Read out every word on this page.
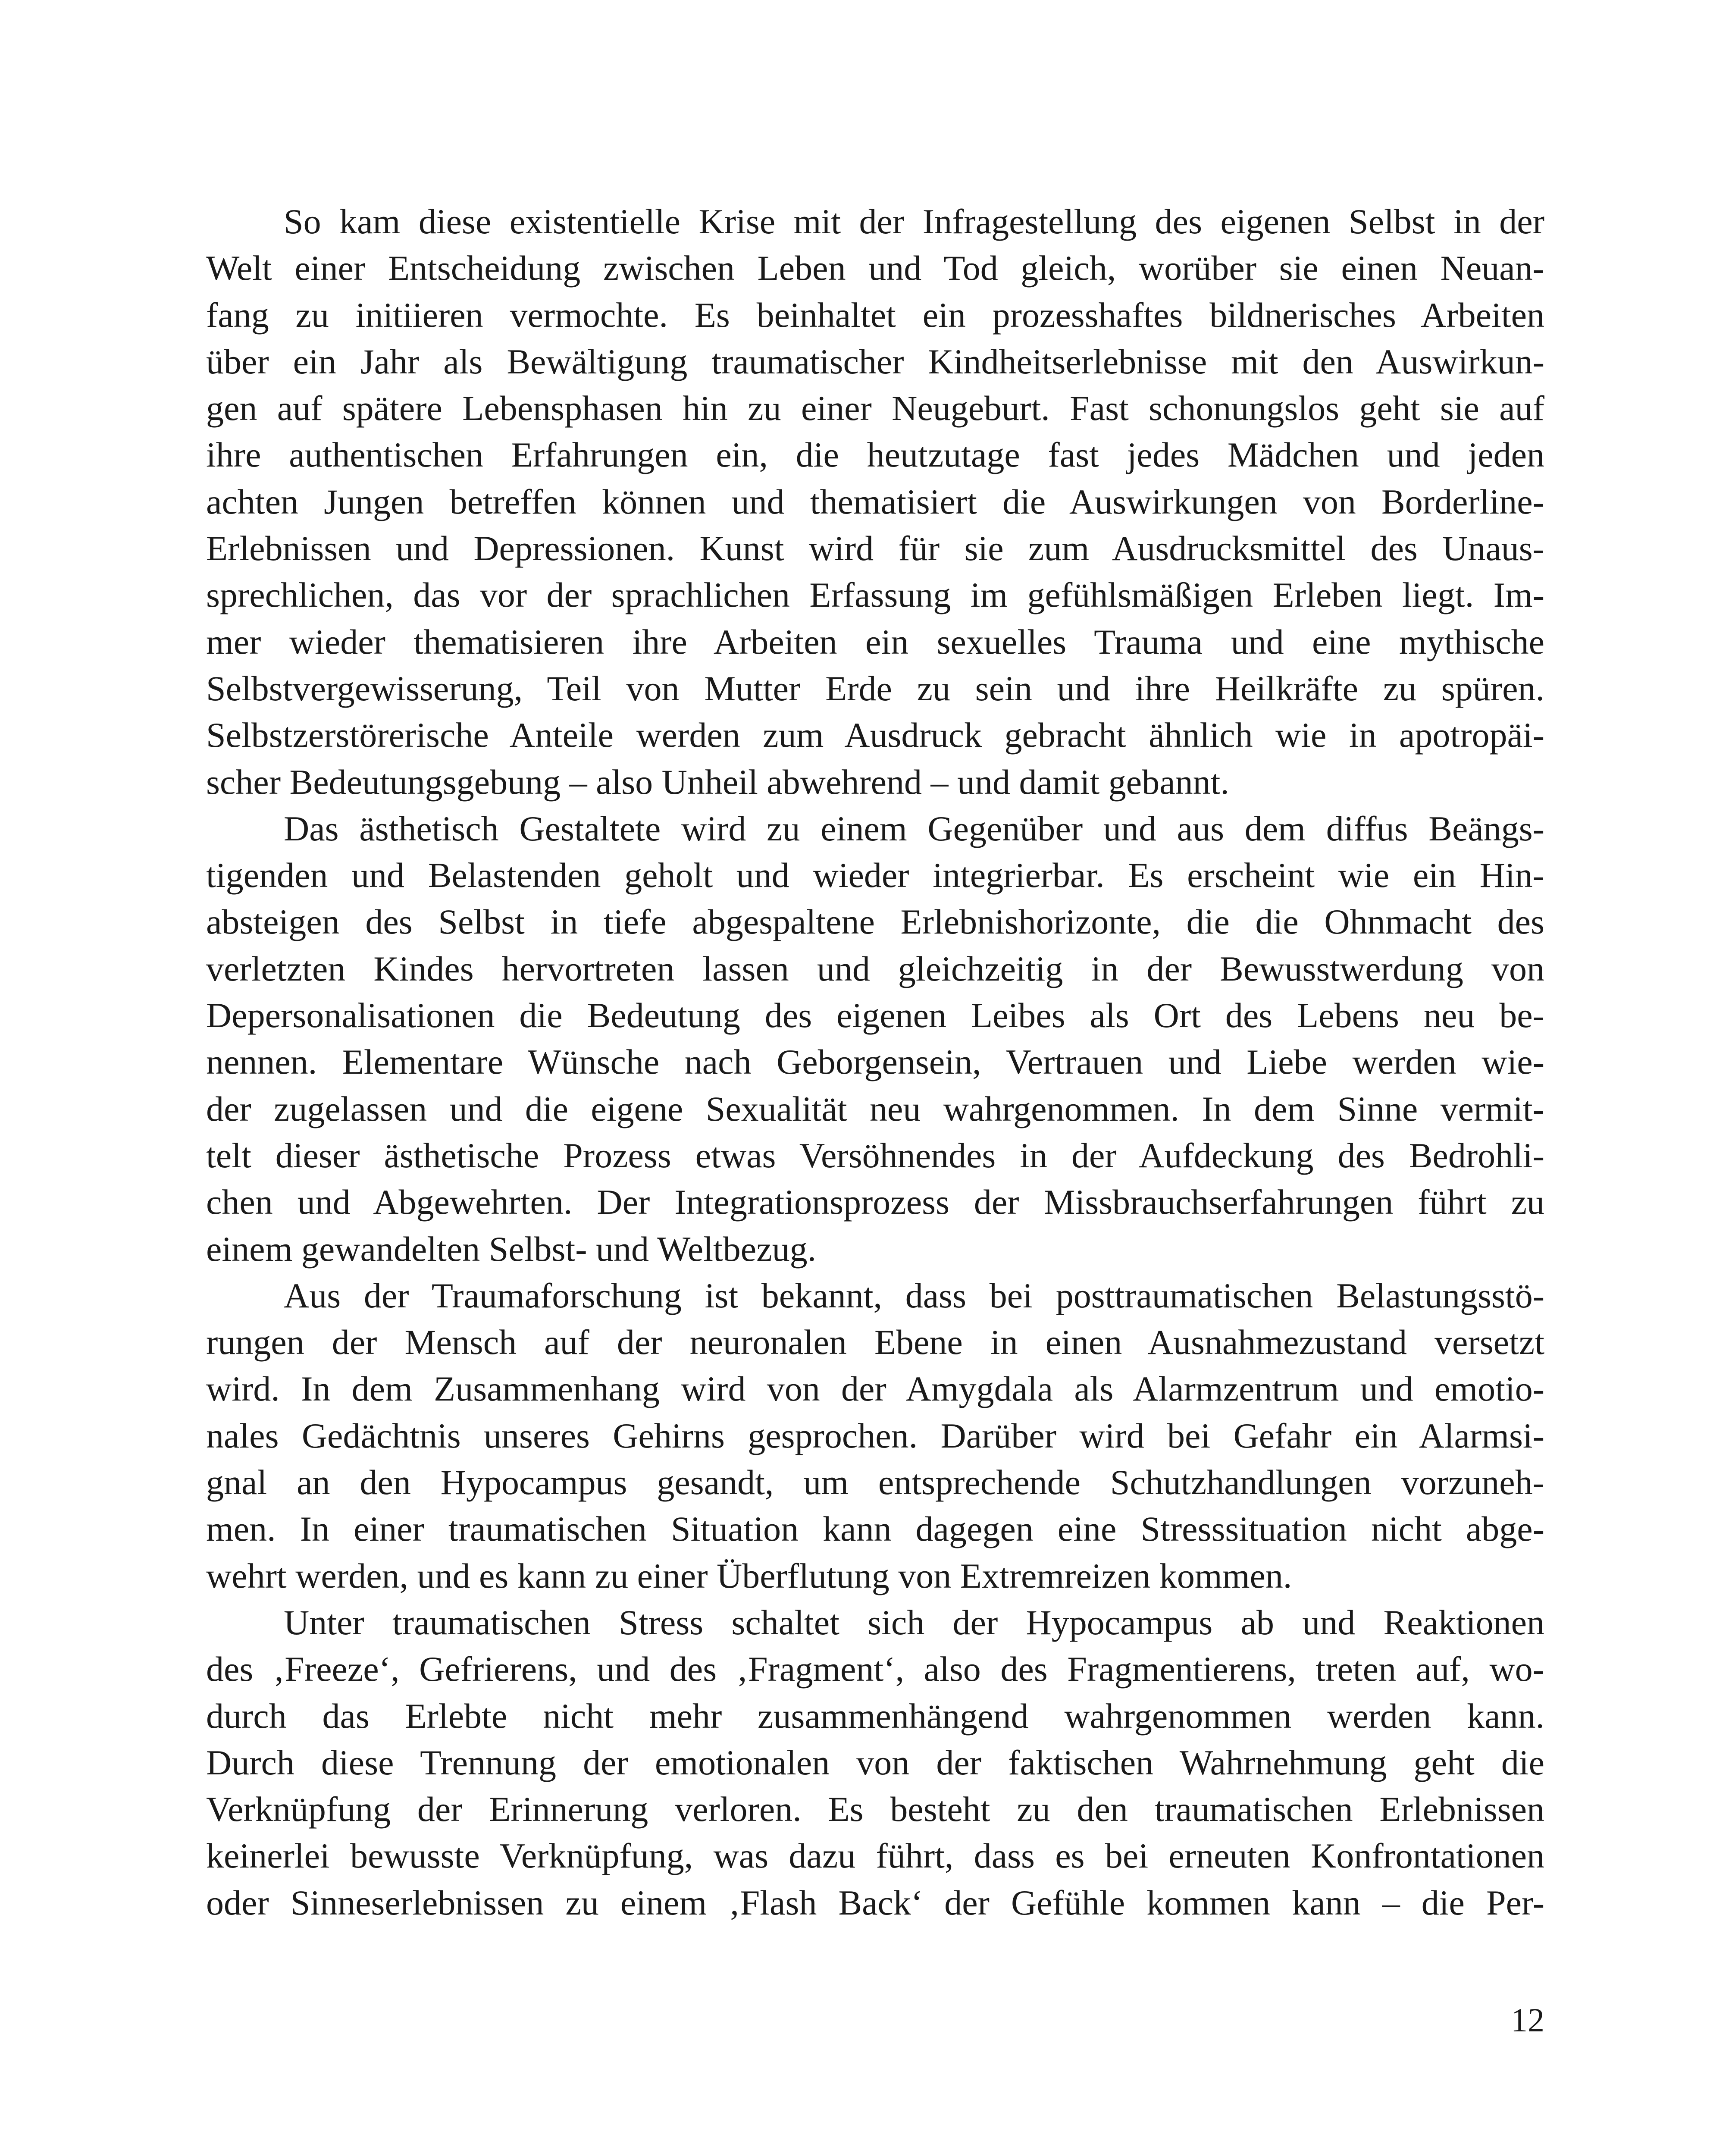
So kam diese existentielle Krise mit der Infragestellung des eigenen Selbst in der
Welt einer Entscheidung zwischen Leben und Tod gleich, worüber sie einen Neuan-
fang zu initiieren vermochte. Es beinhaltet ein prozesshaftes bildnerisches Arbeiten
über ein Jahr als Bewältigung traumatischer Kindheitserlebnisse mit den Auswirkun-
gen auf spätere Lebensphasen hin zu einer Neugeburt. Fast schonungslos geht sie auf
ihre authentischen Erfahrungen ein, die heutzutage fast jedes Mädchen und jeden
achten Jungen betreffen können und thematisiert die Auswirkungen von Borderline-
Erlebnissen und Depressionen. Kunst wird für sie zum Ausdrucksmittel des Unaus-
sprechlichen, das vor der sprachlichen Erfassung im gefühlsmäßigen Erleben liegt. Im-
mer wieder thematisieren ihre Arbeiten ein sexuelles Trauma und eine mythische
Selbstvergewisserung, Teil von Mutter Erde zu sein und ihre Heilkräfte zu spüren.
Selbstzerstörerische Anteile werden zum Ausdruck gebracht ähnlich wie in apotropäi-
scher Bedeutungsgebung – also Unheil abwehrend – und damit gebannt.
Das ästhetisch Gestaltete wird zu einem Gegenüber und aus dem diffus Beängs-
tigenden und Belastenden geholt und wieder integrierbar. Es erscheint wie ein Hin-
absteigen des Selbst in tiefe abgespaltene Erlebnishorizonte, die die Ohnmacht des
verletzten Kindes hervortreten lassen und gleichzeitig in der Bewusstwerdung von
Depersonalisationen die Bedeutung des eigenen Leibes als Ort des Lebens neu be-
nennen. Elementare Wünsche nach Geborgensein, Vertrauen und Liebe werden wie-
der zugelassen und die eigene Sexualität neu wahrgenommen. In dem Sinne vermit-
telt dieser ästhetische Prozess etwas Versöhnendes in der Aufdeckung des Bedrohli-
chen und Abgewehrten. Der Integrationsprozess der Missbrauchserfahrungen führt zu
einem gewandelten Selbst- und Weltbezug.
Aus der Traumaforschung ist bekannt, dass bei posttraumatischen Belastungsstö-
rungen der Mensch auf der neuronalen Ebene in einen Ausnahmezustand versetzt
wird. In dem Zusammenhang wird von der Amygdala als Alarmzentrum und emotio-
nales Gedächtnis unseres Gehirns gesprochen. Darüber wird bei Gefahr ein Alarmsi-
gnal an den Hypocampus gesandt, um entsprechende Schutzhandlungen vorzuneh-
men. In einer traumatischen Situation kann dagegen eine Stresssituation nicht abge-
wehrt werden, und es kann zu einer Überflutung von Extremreizen kommen.
Unter traumatischen Stress schaltet sich der Hypocampus ab und Reaktionen
des ‚Freeze‘, Gefrierens, und des ‚Fragment‘, also des Fragmentierens, treten auf, wo-
durch das Erlebte nicht mehr zusammenhängend wahrgenommen werden kann.
Durch diese Trennung der emotionalen von der faktischen Wahrnehmung geht die
Verknüpfung der Erinnerung verloren. Es besteht zu den traumatischen Erlebnissen
keinerlei bewusste Verknüpfung, was dazu führt, dass es bei erneuten Konfrontationen
oder Sinneserlebnissen zu einem ‚Flash Back‘ der Gefühle kommen kann – die Per-
12
